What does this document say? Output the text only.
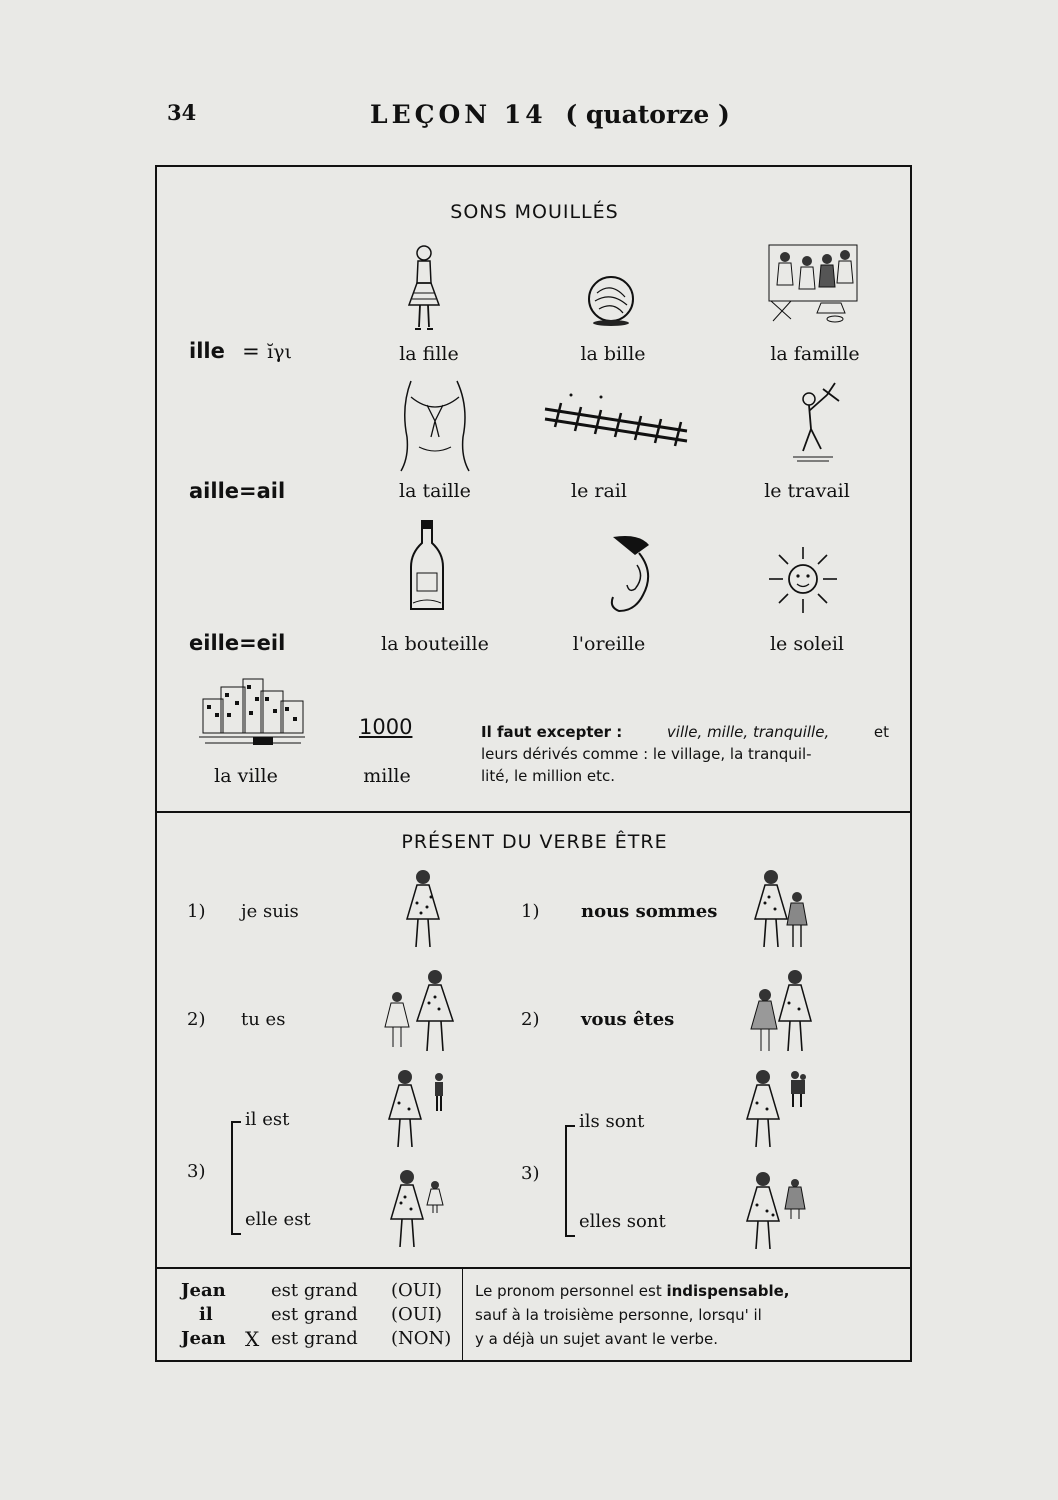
34	LEÇON 14 ( quatorze )
SONS MOUILLÉS
ille = ĭγι	la fille	la bille	la famille
aille=ail	la taille	le rail	le travail
eille=eil	la bouteille	l'oreille	le soleil
la ville
1000
mille
Il faut excepter :	ville, mille, tranquille,	et
leurs dérivés comme : le village, la tranquil-
lité, le million etc.
PRÉSENT DU VERBE ÊTRE
1) je suis
2) tu es
3)
il est
elle est
1) nous sommes
2) vous êtes
3)
ils sont
elles sont
Jean	est grand (OUI)
il	est grand (OUI)
Jean X est grand (NON)
Le pronom personnel est indispensable,
sauf à la troisième personne, lorsqu' il
y a déjà un sujet avant le verbe.
